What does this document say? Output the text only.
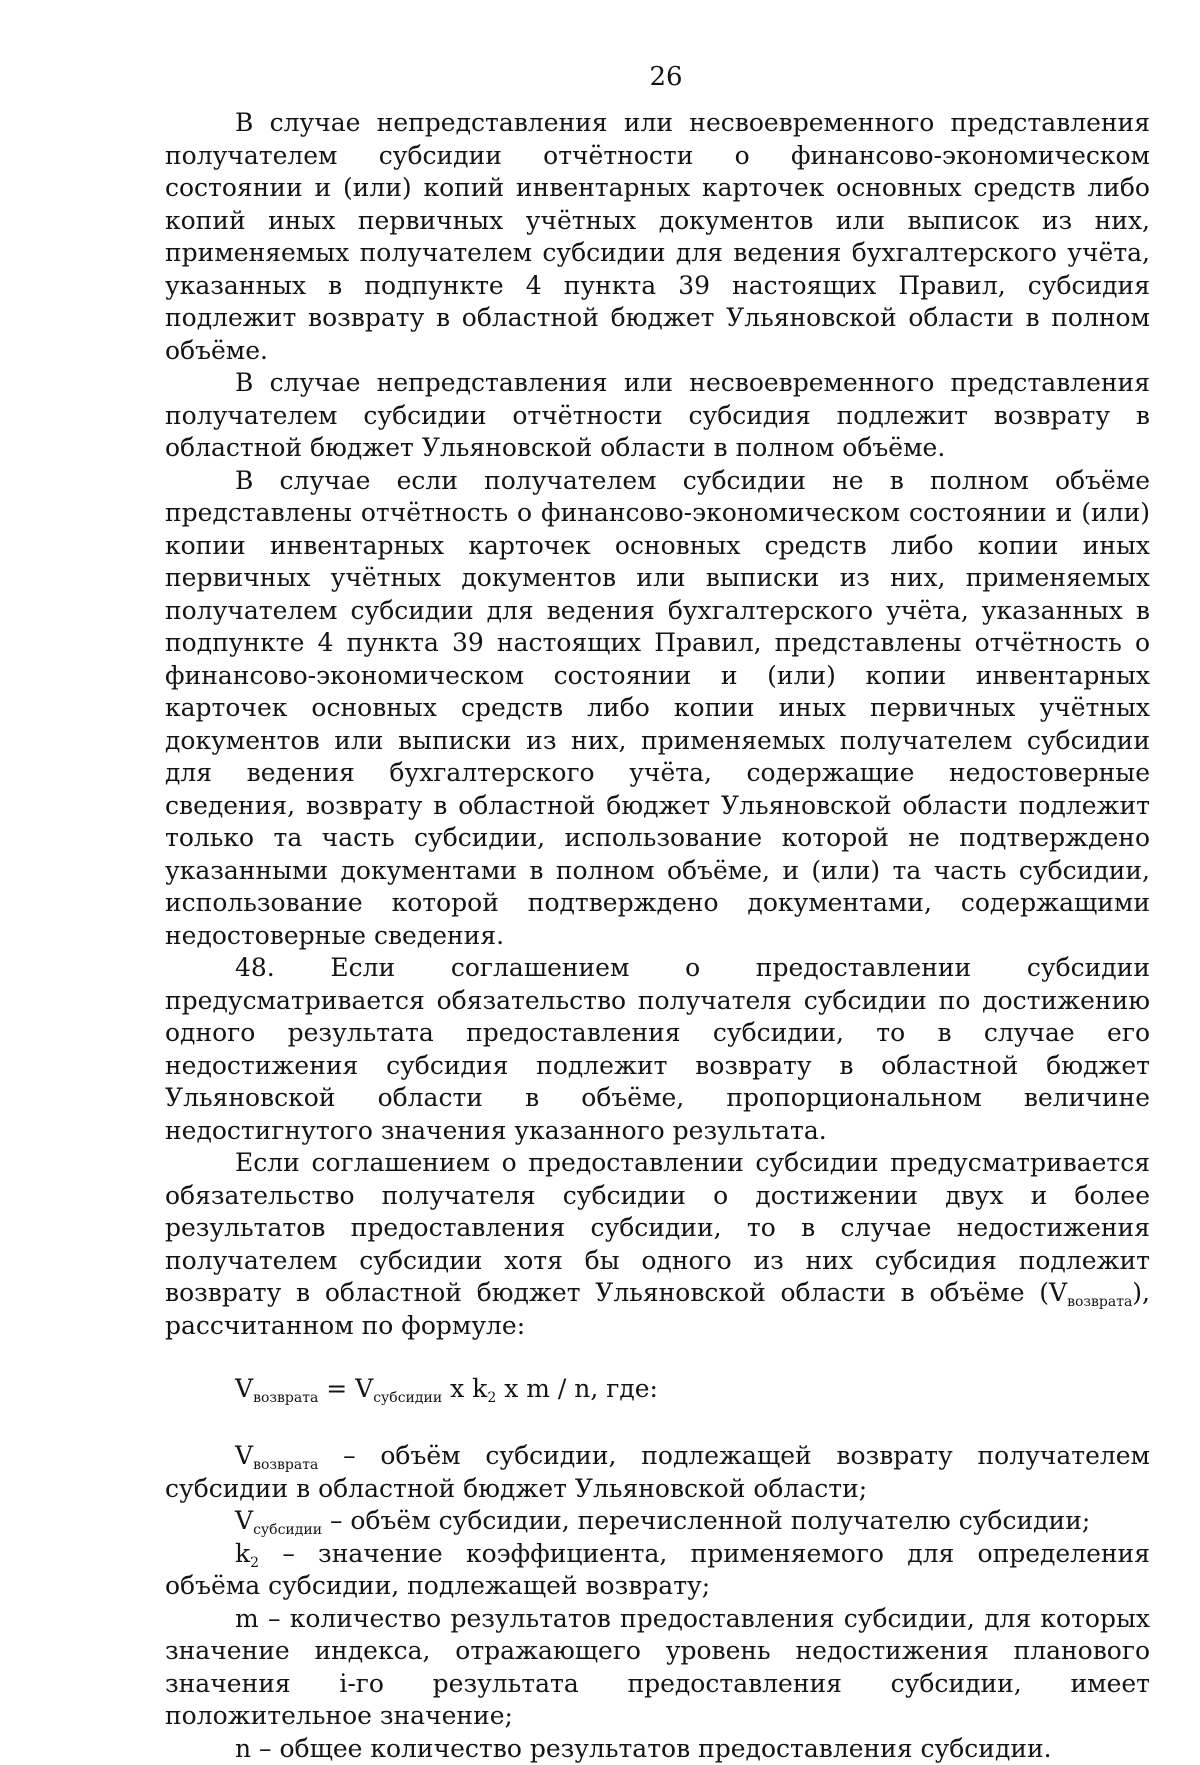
26

В случае непредставления или несвоевременного представления получателем субсидии отчётности о финансово-экономическом состоянии и (или) копий инвентарных карточек основных средств либо копий иных первичных учётных документов или выписок из них, применяемых получателем субсидии для ведения бухгалтерского учёта, указанных в подпункте 4 пункта 39 настоящих Правил, субсидия подлежит возврату в областной бюджет Ульяновской области в полном объёме.

В случае непредставления или несвоевременного представления получателем субсидии отчётности субсидия подлежит возврату в областной бюджет Ульяновской области в полном объёме.

В случае если получателем субсидии не в полном объёме представлены отчётность о финансово-экономическом состоянии и (или) копии инвентарных карточек основных средств либо копии иных первичных учётных документов или выписки из них, применяемых получателем субсидии для ведения бухгалтерского учёта, указанных в подпункте 4 пункта 39 настоящих Правил, представлены отчётность о финансово-экономическом состоянии и (или) копии инвентарных карточек основных средств либо копии иных первичных учётных документов или выписки из них, применяемых получателем субсидии для ведения бухгалтерского учёта, содержащие недостоверные сведения, возврату в областной бюджет Ульяновской области подлежит только та часть субсидии, использование которой не подтверждено указанными документами в полном объёме, и (или) та часть субсидии, использование которой подтверждено документами, содержащими недостоверные сведения.

48. Если соглашением о предоставлении субсидии предусматривается обязательство получателя субсидии по достижению одного результата предоставления субсидии, то в случае его недостижения субсидия подлежит возврату в областной бюджет Ульяновской области в объёме, пропорциональном величине недостигнутого значения указанного результата.

Если соглашением о предоставлении субсидии предусматривается обязательство получателя субсидии о достижении двух и более результатов предоставления субсидии, то в случае недостижения получателем субсидии хотя бы одного из них субсидия подлежит возврату в областной бюджет Ульяновской области в объёме $(V_{возврата})$, рассчитанном по формуле:

$V_{возврата} = V_{субсидии}$ x $k_2$ x m / n, где:

$V_{возврата}$ – объём субсидии, подлежащей возврату получателем субсидии в областной бюджет Ульяновской области;

$V_{субсидии}$ – объём субсидии, перечисленной получателю субсидии;

$k_2$ – значение коэффициента, применяемого для определения объёма субсидии, подлежащей возврату;

m – количество результатов предоставления субсидии, для которых значение индекса, отражающего уровень недостижения планового значения i-го результата предоставления субсидии, имеет положительное значение;

n – общее количество результатов предоставления субсидии.
